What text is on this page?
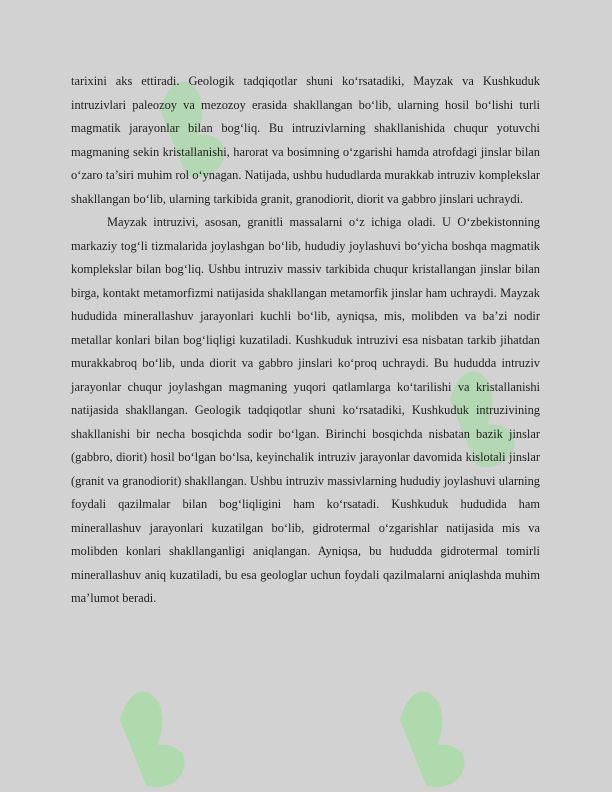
tarixini aks ettiradi. Geologik tadqiqotlar shuni ko‘rsatadiki, Mayzak va Kushkuduk intruzivlari paleozoy va mezozoy erasida shakllangan bo‘lib, ularning hosil bo‘lishi turli magmatik jarayonlar bilan bog‘liq. Bu intruzivlarning shakllanishida chuqur yotuvchi magmaning sekin kristallanishi, harorat va bosimning o‘zgarishi hamda atrofdagi jinslar bilan o‘zaro ta’siri muhim rol o‘ynagan. Natijada, ushbu hududlarda murakkab intruziv komplekslar shakllangan bo‘lib, ularning tarkibida granit, granodiorit, diorit va gabbro jinslari uchraydi.

Mayzak intruzivi, asosan, granitli massalarni o‘z ichiga oladi. U O‘zbekistonning markaziy tog‘li tizmalarida joylashgan bo‘lib, hududiy joylashuvi bo‘yicha boshqa magmatik komplekslar bilan bog‘liq. Ushbu intruziv massiv tarkibida chuqur kristallangan jinslar bilan birga, kontakt metamorfizmi natijasida shakllangan metamorfik jinslar ham uchraydi. Mayzak hududida minerallashuv jarayonlari kuchli bo‘lib, ayniqsa, mis, molibden va ba’zi nodir metallar konlari bilan bog‘liqligi kuzatiladi. Kushkuduk intruzivi esa nisbatan tarkib jihatdan murakkabroq bo‘lib, unda diorit va gabbro jinslari ko‘proq uchraydi. Bu hududda intruziv jarayonlar chuqur joylashgan magmaning yuqori qatlamlarga ko‘tarilishi va kristallanishi natijasida shakllangan. Geologik tadqiqotlar shuni ko‘rsatadiki, Kushkuduk intruzivining shakllanishi bir necha bosqichda sodir bo‘lgan. Birinchi bosqichda nisbatan bazik jinslar (gabbro, diorit) hosil bo‘lgan bo‘lsa, keyinchalik intruziv jarayonlar davomida kislotali jinslar (granit va granodiorit) shakllangan. Ushbu intruziv massivlarning hududiy joylashuvi ularning foydali qazilmalar bilan bog‘liqligini ham ko‘rsatadi. Kushkuduk hududida ham minerallashuv jarayonlari kuzatilgan bo‘lib, gidrotermal o‘zgarishlar natijasida mis va molibden konlari shakllanganligi aniqlangan. Ayniqsa, bu hududda gidrotermal tomirli minerallashuv aniq kuzatiladi, bu esa geologlar uchun foydali qazilmalarni aniqlashda muhim ma’lumot beradi.
